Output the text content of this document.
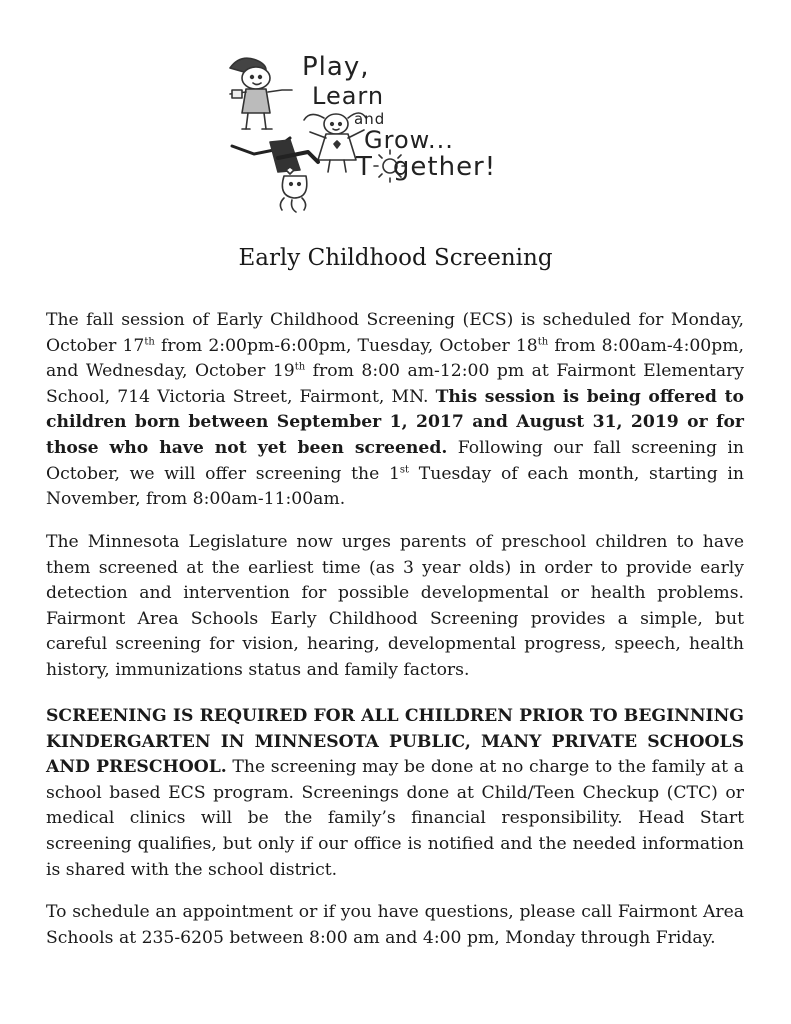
Play,
Learn
and
Grow...
T gether!
Early Childhood Screening

The fall session of Early Childhood Screening (ECS) is scheduled for Monday, October 17th from 2:00pm-6:00pm, Tuesday, October 18th from 8:00am-4:00pm, and Wednesday, October 19th from 8:00 am-12:00 pm at Fairmont Elementary School, 714 Victoria Street, Fairmont, MN. This session is being offered to children born between September 1, 2017 and August 31, 2019 or for those who have not yet been screened. Following our fall screening in October, we will offer screening the 1st Tuesday of each month, starting in November, from 8:00am-11:00am.

The Minnesota Legislature now urges parents of preschool children to have them screened at the earliest time (as 3 year olds) in order to provide early detection and intervention for possible developmental or health problems. Fairmont Area Schools Early Childhood Screening provides a simple, but careful screening for vision, hearing, developmental progress, speech, health history, immunizations status and family factors.

SCREENING IS REQUIRED FOR ALL CHILDREN PRIOR TO BEGINNING KINDERGARTEN IN MINNESOTA PUBLIC, MANY PRIVATE SCHOOLS AND PRESCHOOL. The screening may be done at no charge to the family at a school based ECS program. Screenings done at Child/Teen Checkup (CTC) or medical clinics will be the family’s financial responsibility. Head Start screening qualifies, but only if our office is notified and the needed information is shared with the school district.

To schedule an appointment or if you have questions, please call Fairmont Area Schools at 235-6205 between 8:00 am and 4:00 pm, Monday through Friday.
